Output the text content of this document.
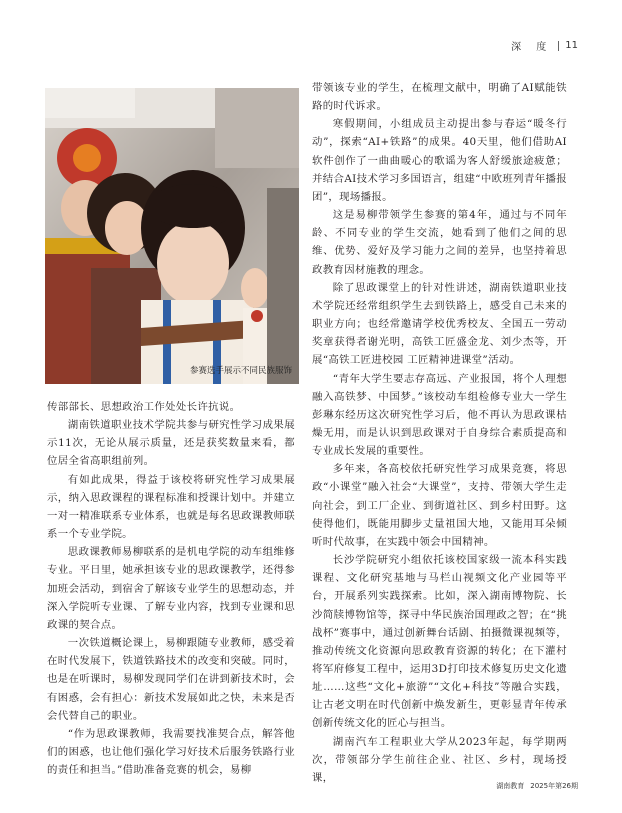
深 度 11
参赛选手展示不同民族服饰

传部部长、思想政治工作处处长许抗说。

湖南铁道职业技术学院共参与研究性学习成果展示11次，无论从展示质量，还是获奖数量来看，都位居全省高职组前列。

有如此成果，得益于该校将研究性学习成果展示，纳入思政课程的课程标准和授课计划中。并建立一对一精准联系专业体系，也就是每名思政课教师联系一个专业学院。

思政课教师易柳联系的是机电学院的动车组维修专业。平日里，她承担该专业的思政课教学，还得参加班会活动，到宿舍了解该专业学生的思想动态，并深入学院听专业课、了解专业内容，找到专业课和思政课的契合点。

一次铁道概论课上，易柳跟随专业教师，感受着在时代发展下，铁道铁路技术的改变和突破。同时，也是在听课时，易柳发现同学们在讲到新技术时，会有困惑，会有担心：新技术发展如此之快，未来是否会代替自己的职业。

“作为思政课教师，我需要找准契合点，解答他们的困惑，也让他们强化学习好技术后服务铁路行业的责任和担当。”借助准备竞赛的机会，易柳

带领该专业的学生，在梳理文献中，明确了AI赋能铁路的时代诉求。

寒假期间，小组成员主动提出参与春运“暖冬行动”，探索“AI+铁路”的成果。40天里，他们借助AI软件创作了一曲曲暖心的歌谣为客人舒缓旅途疲惫；并结合AI技术学习多国语言，组建“中欧班列青年播报团”，现场播报。

这是易柳带领学生参赛的第4年，通过与不同年龄、不同专业的学生交流，她看到了他们之间的思维、优势、爱好及学习能力之间的差异，也坚持着思政教育因材施教的理念。

除了思政课堂上的针对性讲述，湖南铁道职业技术学院还经常组织学生去到铁路上，感受自己未来的职业方向；也经常邀请学校优秀校友、全国五一劳动奖章获得者谢光明，高铁工匠盛金龙、刘少杰等，开展“高铁工匠进校园 工匠精神进课堂”活动。

“青年大学生要志存高远、产业报国，将个人理想融入高铁梦、中国梦。”该校动车组检修专业大一学生彭琳东经历这次研究性学习后，他不再认为思政课枯燥无用，而是认识到思政课对于自身综合素质提高和专业成长发展的重要性。

多年来，各高校依托研究性学习成果竞赛，将思政“小课堂”融入社会“大课堂”，支持、带领大学生走向社会，到工厂企业、到街道社区、到乡村田野。这使得他们，既能用脚步丈量祖国大地，又能用耳朵倾听时代故事，在实践中领会中国精神。

长沙学院研究小组依托该校国家级一流本科实践课程、文化研究基地与马栏山视频文化产业园等平台，开展系列实践探索。比如，深入湖南博物院、长沙简牍博物馆等，探寻中华民族治国理政之智；在“挑战杯”赛事中，通过创新舞台话剧、拍摄微课视频等，推动传统文化资源向思政教育资源的转化；在下灌村将军府修复工程中，运用3D打印技术修复历史文化遗址……这些“文化+旅游”“文化+科技”等融合实践，让古老文明在时代创新中焕发新生，更彰显青年传承创新传统文化的匠心与担当。

湖南汽车工程职业大学从2023年起，每学期两次，带领部分学生前往企业、社区、乡村，现场授课，

湖南教育 2025年第26期
